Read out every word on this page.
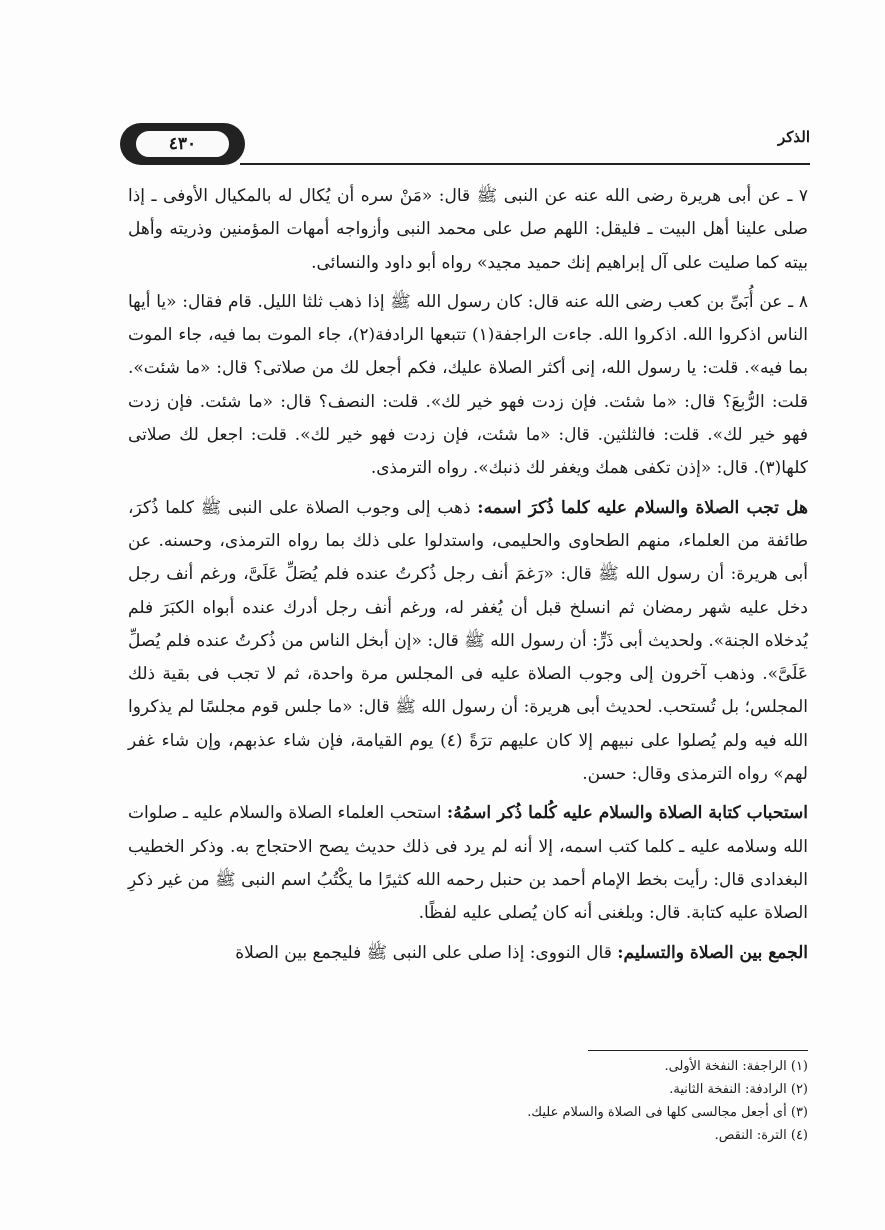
٤٣٠	الذكر

٧ ـ عن أبى هريرة رضى الله عنه عن النبى ﷺ قال: «مَنْ سره أن يُكال له بالمكيال الأوفى ـ إذا صلى علينا أهل البيت ـ فليقل: اللهم صل على محمد النبى وأزواجه أمهات المؤمنين وذريته وأهل بيته كما صليت على آل إبراهيم إنك حميد مجيد» رواه أبو داود والنسائى.

٨ ـ عن أُبَىِّ بن كعب رضى الله عنه قال: كان رسول الله ﷺ إذا ذهب ثلثا الليل. قام فقال: «يا أيها الناس اذكروا الله. اذكروا الله. جاءت الراجفة(١) تتبعها الرادفة(٢)، جاء الموت بما فيه، جاء الموت بما فيه». قلت: يا رسول الله، إنى أكثر الصلاة عليك، فكم أجعل لك من صلاتى؟ قال: «ما شئت». قلت: الرُّبعَ؟ قال: «ما شئت. فإن زدت فهو خير لك». قلت: النصف؟ قال: «ما شئت. فإن زدت فهو خير لك». قلت: فالثلثين. قال: «ما شئت، فإن زدت فهو خير لك». قلت: اجعل لك صلاتى كلها(٣). قال: «إذن تكفى همك ويغفر لك ذنبك». رواه الترمذى.

هل تجب الصلاة والسلام عليه كلما ذُكرَ اسمه: ذهب إلى وجوب الصلاة على النبى ﷺ كلما ذُكرَ، طائفة من العلماء، منهم الطحاوى والحليمى، واستدلوا على ذلك بما رواه الترمذى، وحسنه. عن أبى هريرة: أن رسول الله ﷺ قال: «رَغمَ أنف رجل ذُكرتُ عنده فلم يُصَلِّ عَلَىَّ، ورغم أنف رجل دخل عليه شهر رمضان ثم انسلخ قبل أن يُغفر له، ورغم أنف رجل أدرك عنده أبواه الكبَرَ فلم يُدخلاه الجنة». ولحديث أبى ذَرٍّ: أن رسول الله ﷺ قال: «إن أبخل الناس من ذُكرتُ عنده فلم يُصلِّ عَلَىَّ». وذهب آخرون إلى وجوب الصلاة عليه فى المجلس مرة واحدة، ثم لا تجب فى بقية ذلك المجلس؛ بل تُستحب. لحديث أبى هريرة: أن رسول الله ﷺ قال: «ما جلس قوم مجلسًا لم يذكروا الله فيه ولم يُصلوا على نبيهم إلا كان عليهم ترَةً (٤) يوم القيامة، فإن شاء عذبهم، وإن شاء غفر لهم» رواه الترمذى وقال: حسن.

استحباب كتابة الصلاة والسلام عليه كُلما ذُكر اسمُهُ: استحب العلماء الصلاة والسلام عليه ـ صلوات الله وسلامه عليه ـ كلما كتب اسمه، إلا أنه لم يرد فى ذلك حديث يصح الاحتجاج به. وذكر الخطيب البغدادى قال: رأيت بخط الإمام أحمد بن حنبل رحمه الله كثيرًا ما يكْتُبُ اسم النبى ﷺ من غير ذكرِ الصلاة عليه كتابة. قال: وبلغنى أنه كان يُصلى عليه لفظًا.

الجمع بين الصلاة والتسليم: قال النووى: إذا صلى على النبى ﷺ فليجمع بين الصلاة

(١) الراجفة: النفخة الأولى.
(٢) الرادفة: النفخة الثانية.
(٣) أى أجعل مجالسى كلها فى الصلاة والسلام عليك.
(٤) الترة: النقص.
